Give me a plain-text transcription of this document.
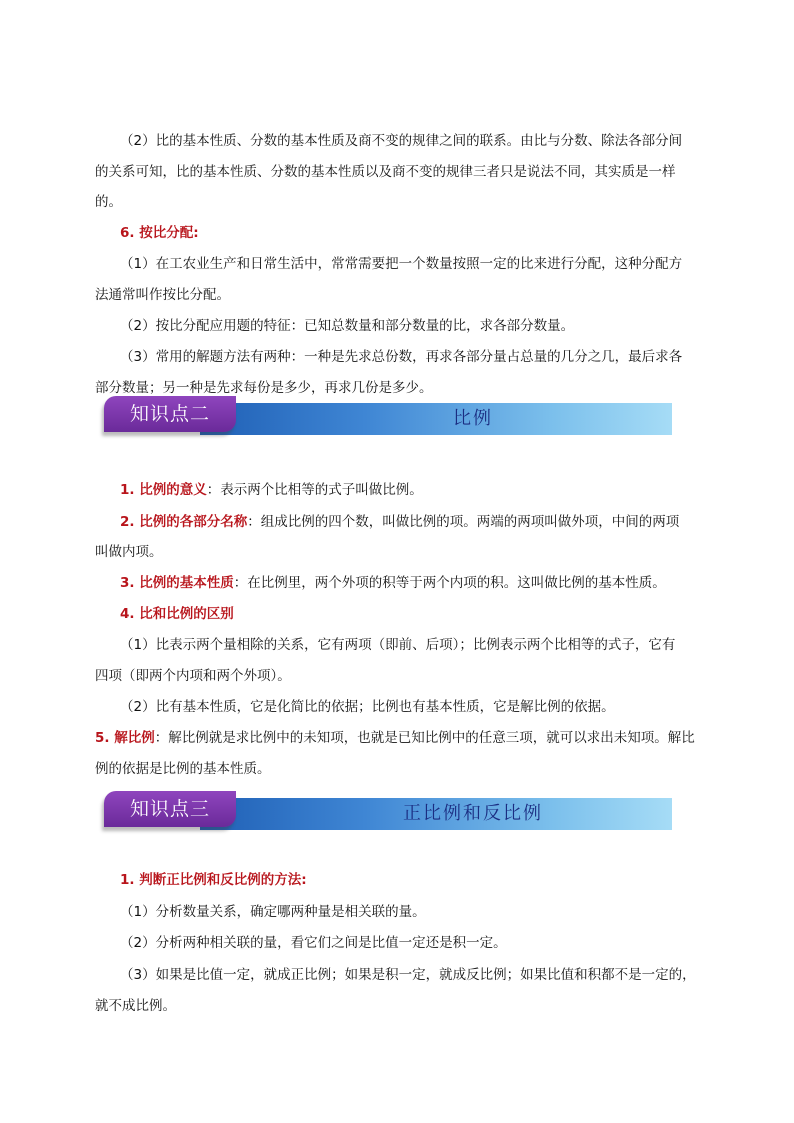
（2）比的基本性质、分数的基本性质及商不变的规律之间的联系。由比与分数、除法各部分间
的关系可知，比的基本性质、分数的基本性质以及商不变的规律三者只是说法不同，其实质是一样
的。
6. 按比分配:
（1）在工农业生产和日常生活中，常常需要把一个数量按照一定的比来进行分配，这种分配方
法通常叫作按比分配。
（2）按比分配应用题的特征：已知总数量和部分数量的比，求各部分数量。
（3）常用的解题方法有两种：一种是先求总份数，再求各部分量占总量的几分之几，最后求各
部分数量；另一种是先求每份是多少，再求几份是多少。
比例
知识点二
1. 比例的意义：表示两个比相等的式子叫做比例。
2. 比例的各部分名称：组成比例的四个数，叫做比例的项。两端的两项叫做外项，中间的两项
叫做内项。
3. 比例的基本性质：在比例里，两个外项的积等于两个内项的积。这叫做比例的基本性质。
4. 比和比例的区别
（1）比表示两个量相除的关系，它有两项（即前、后项）；比例表示两个比相等的式子，它有
四项（即两个内项和两个外项）。
（2）比有基本性质，它是化简比的依据；比例也有基本性质，它是解比例的依据。
5. 解比例：解比例就是求比例中的未知项，也就是已知比例中的任意三项，就可以求出未知项。解比
例的依据是比例的基本性质。
正比例和反比例
知识点三
1. 判断正比例和反比例的方法:
（1）分析数量关系，确定哪两种量是相关联的量。
（2）分析两种相关联的量，看它们之间是比值一定还是积一定。
（3）如果是比值一定，就成正比例；如果是积一定，就成反比例；如果比值和积都不是一定的，
就不成比例。
